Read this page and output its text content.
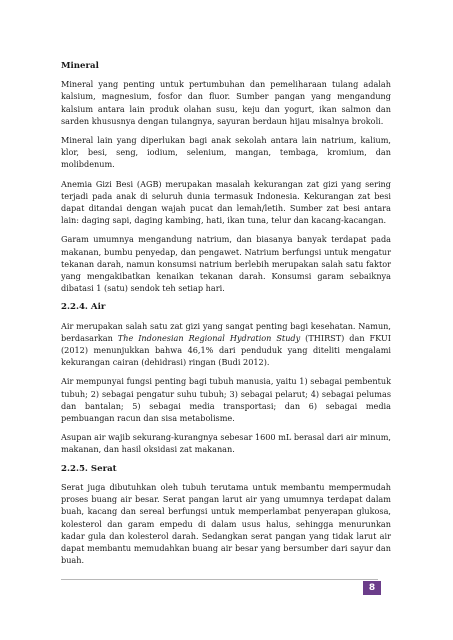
Mineral

Mineral yang penting untuk pertumbuhan dan pemeliharaan tulang adalah kalsium, magnesium, fosfor dan fluor. Sumber pangan yang mengandung kalsium antara lain produk olahan susu, keju dan yogurt, ikan salmon dan sarden khususnya dengan tulangnya, sayuran berdaun hijau misalnya brokoli.

Mineral lain yang diperlukan bagi anak sekolah antara lain natrium, kalium, klor, besi, seng, iodium, selenium, mangan, tembaga, kromium, dan molibdenum.

Anemia Gizi Besi (AGB) merupakan masalah kekurangan zat gizi yang sering terjadi pada anak di seluruh dunia termasuk Indonesia. Kekurangan zat besi dapat ditandai dengan wajah pucat dan lemah/letih. Sumber zat besi antara lain: daging sapi, daging kambing, hati, ikan tuna, telur dan kacang-kacangan.

Garam umumnya mengandung natrium, dan biasanya banyak terdapat pada makanan, bumbu penyedap, dan pengawet. Natrium berfungsi untuk mengatur tekanan darah, namun konsumsi natrium berlebih merupakan salah satu faktor yang mengakibatkan kenaikan tekanan darah. Konsumsi garam sebaiknya dibatasi 1 (satu) sendok teh setiap hari.

2.2.4. Air

Air merupakan salah satu zat gizi yang sangat penting bagi kesehatan. Namun, berdasarkan The Indonesian Regional Hydration Study (THIRST) dan FKUI (2012) menunjukkan bahwa 46,1% dari penduduk yang diteliti mengalami kekurangan cairan (dehidrasi) ringan (Budi 2012).

Air mempunyai fungsi penting bagi tubuh manusia, yaitu 1) sebagai pembentuk tubuh; 2) sebagai pengatur suhu tubuh; 3) sebagai pelarut; 4) sebagai pelumas dan bantalan; 5) sebagai media transportasi; dan 6) sebagai media pembuangan racun dan sisa metabolisme.

Asupan air wajib sekurang-kurangnya sebesar 1600 mL berasal dari air minum, makanan, dan hasil oksidasi zat makanan.

2.2.5. Serat

Serat juga dibutuhkan oleh tubuh terutama untuk membantu mempermudah proses buang air besar. Serat pangan larut air yang umumnya terdapat dalam buah, kacang dan sereal berfungsi untuk memperlambat penyerapan glukosa, kolesterol dan garam empedu di dalam usus halus, sehingga menurunkan kadar gula dan kolesterol darah. Sedangkan serat pangan yang tidak larut air dapat membantu memudahkan buang air besar yang bersumber dari sayur dan buah.

8
